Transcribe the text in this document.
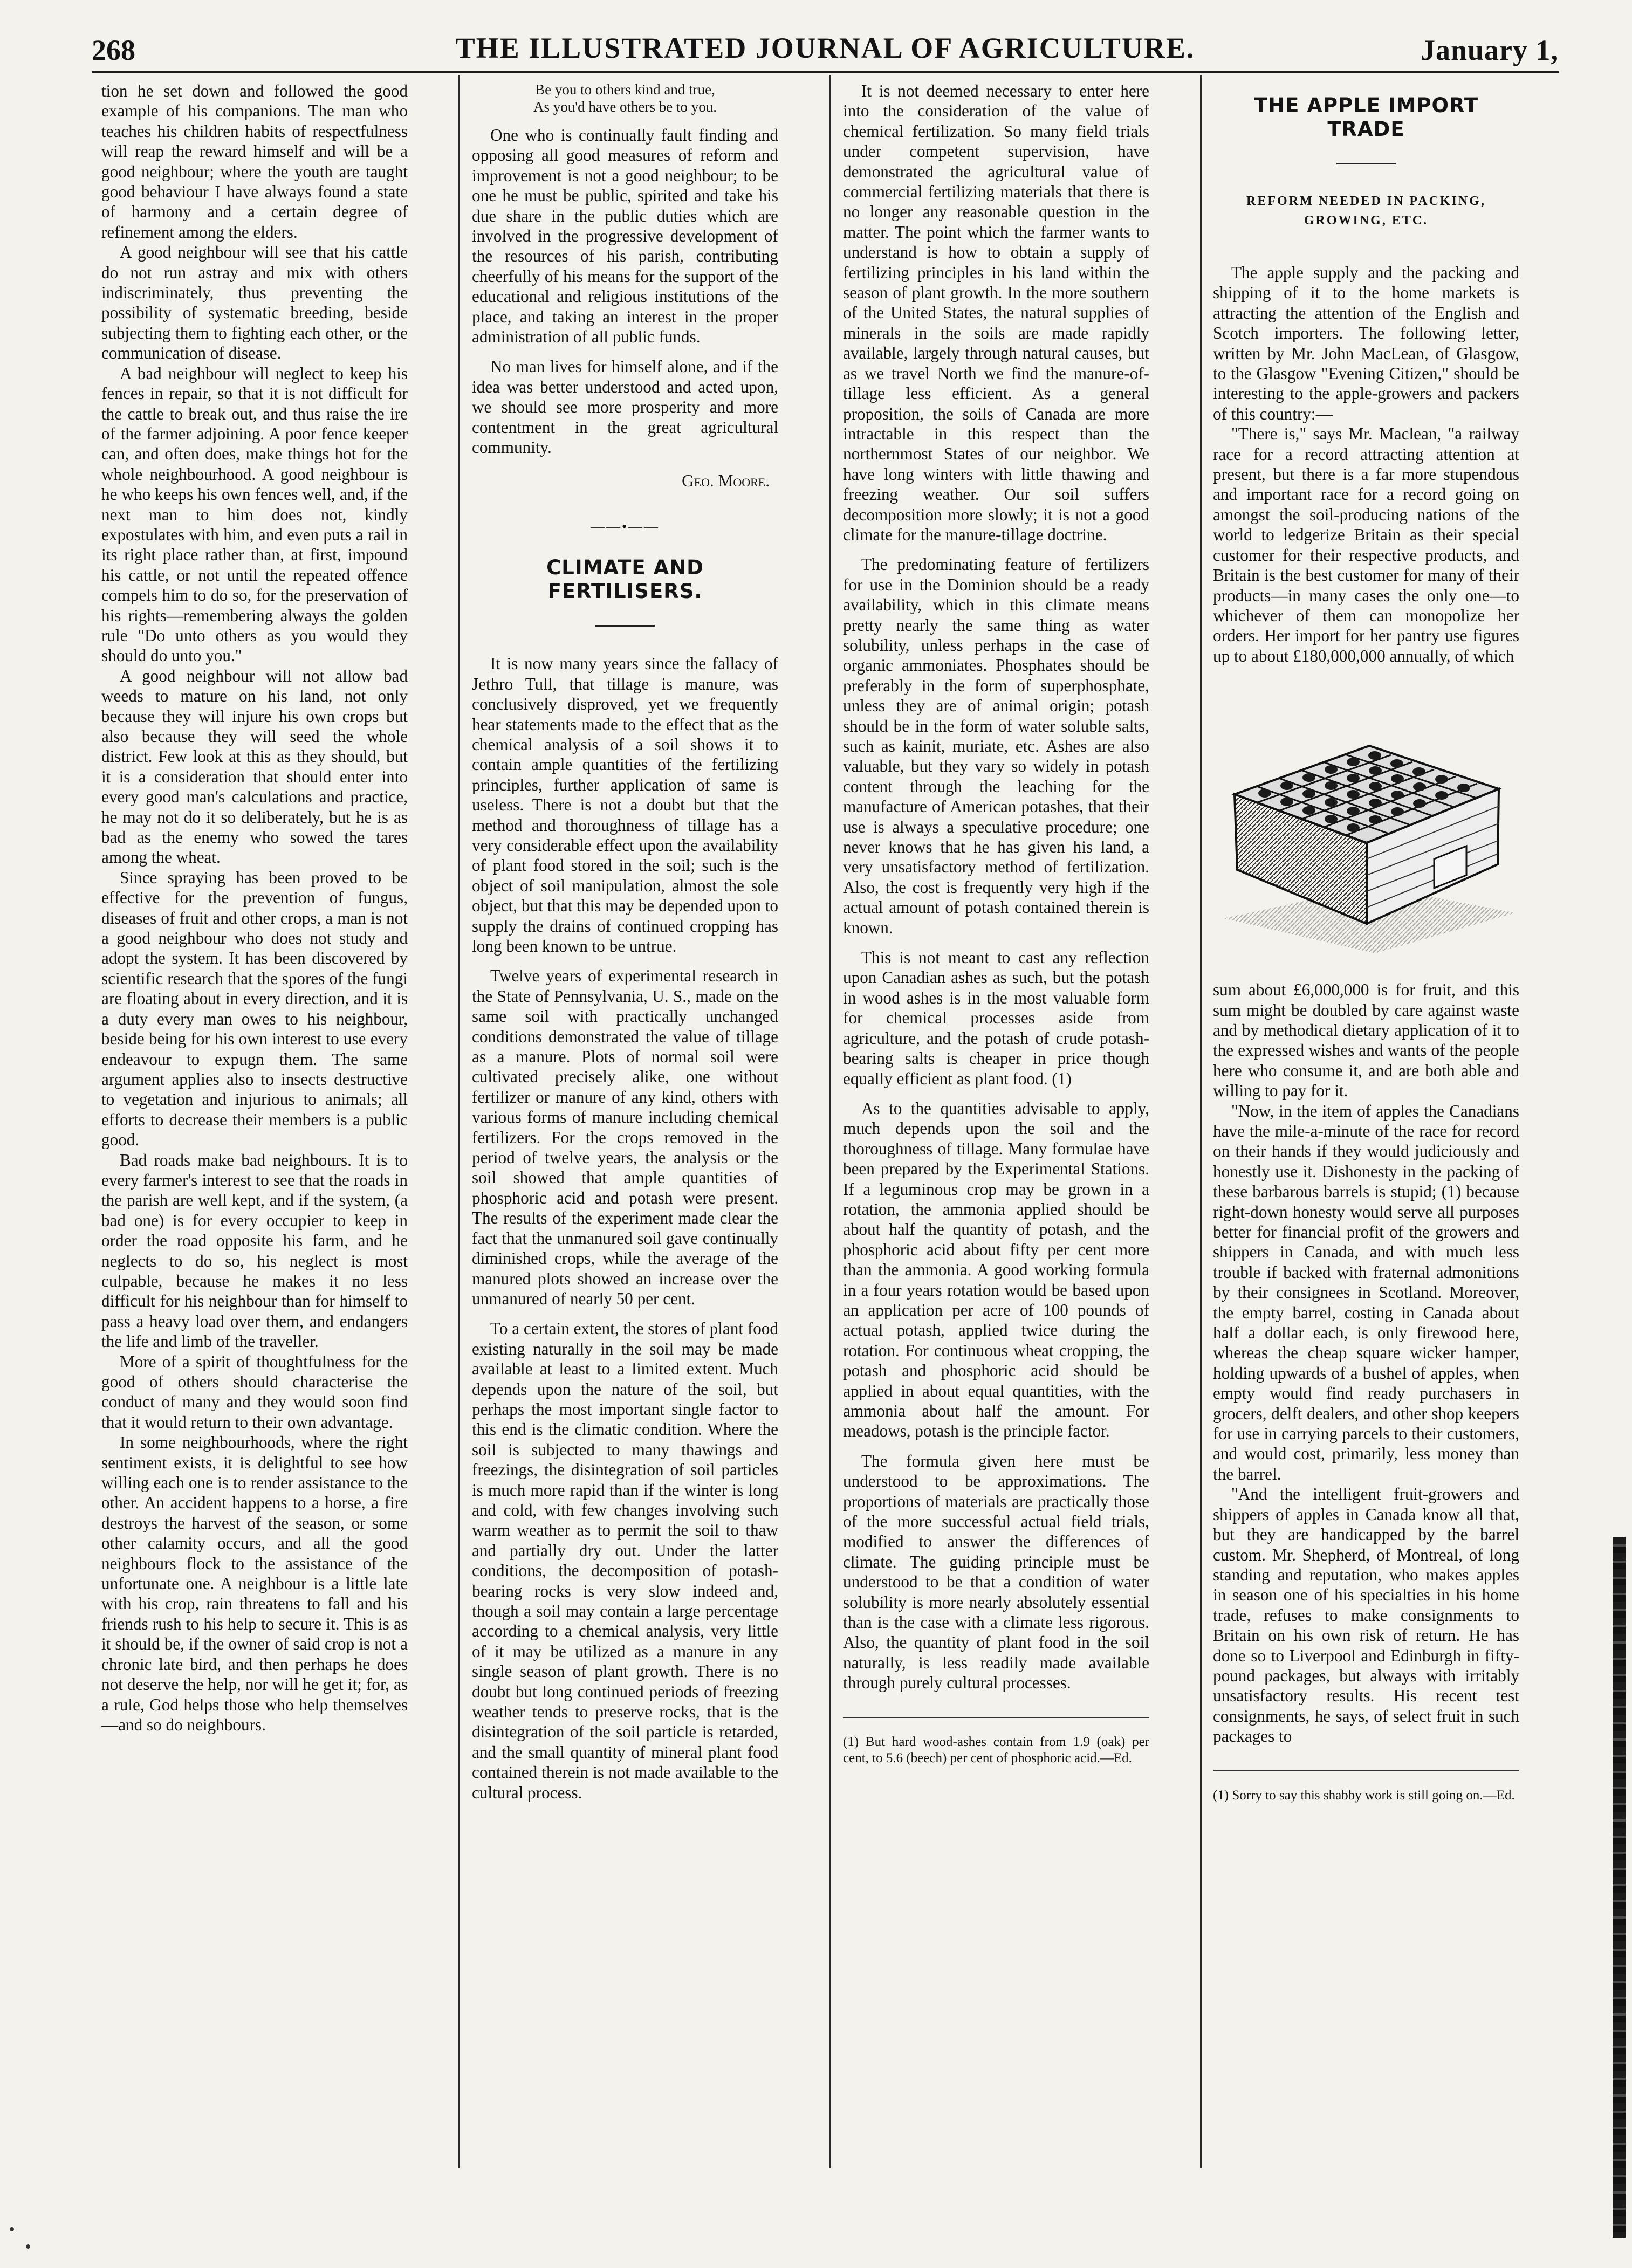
268	THE ILLUSTRATED JOURNAL OF AGRICULTURE.	January 1,

tion he set down and followed the good example of his companions. The man who teaches his children habits of respectfulness will reap the reward himself and will be a good neighbour; where the youth are taught good behaviour I have always found a state of harmony and a certain degree of refinement among the elders.

A good neighbour will see that his cattle do not run astray and mix with others indiscriminately, thus preventing the possibility of systematic breeding, beside subjecting them to fighting each other, or the communication of disease.

A bad neighbour will neglect to keep his fences in repair, so that it is not difficult for the cattle to break out, and thus raise the ire of the farmer adjoining. A poor fence keeper can, and often does, make things hot for the whole neighbourhood. A good neighbour is he who keeps his own fences well, and, if the next man to him does not, kindly expostulates with him, and even puts a rail in its right place rather than, at first, impound his cattle, or not until the repeated offence compels him to do so, for the preservation of his rights—remembering always the golden rule "Do unto others as you would they should do unto you."

A good neighbour will not allow bad weeds to mature on his land, not only because they will injure his own crops but also because they will seed the whole district. Few look at this as they should, but it is a consideration that should enter into every good man's calculations and practice, he may not do it so deliberately, but he is as bad as the enemy who sowed the tares among the wheat.

Since spraying has been proved to be effective for the prevention of fungus, diseases of fruit and other crops, a man is not a good neighbour who does not study and adopt the system. It has been discovered by scientific research that the spores of the fungi are floating about in every direction, and it is a duty every man owes to his neighbour, beside being for his own interest to use every endeavour to expugn them. The same argument applies also to insects destructive to vegetation and injurious to animals; all efforts to decrease their members is a public good.

Bad roads make bad neighbours. It is to every farmer's interest to see that the roads in the parish are well kept, and if the system, (a bad one) is for every occupier to keep in order the road opposite his farm, and he neglects to do so, his neglect is most culpable, because he makes it no less difficult for his neighbour than for himself to pass a heavy load over them, and endangers the life and limb of the traveller.

More of a spirit of thoughtfulness for the good of others should characterise the conduct of many and they would soon find that it would return to their own advantage.

In some neighbourhoods, where the right sentiment exists, it is delightful to see how willing each one is to render assistance to the other. An accident happens to a horse, a fire destroys the harvest of the season, or some other calamity occurs, and all the good neighbours flock to the assistance of the unfortunate one. A neighbour is a little late with his crop, rain threatens to fall and his friends rush to his help to secure it. This is as it should be, if the owner of said crop is not a chronic late bird, and then perhaps he does not deserve the help, nor will he get it; for, as a rule, God helps those who help themselves—and so do neighbours.

Be you to others kind and true,
As you'd have others be to you.

One who is continually fault finding and opposing all good measures of reform and improvement is not a good neighbour; to be one he must be public, spirited and take his due share in the public duties which are involved in the progressive development of the resources of his parish, contributing cheerfully of his means for the support of the educational and religious institutions of the place, and taking an interest in the proper administration of all public funds.

No man lives for himself alone, and if the idea was better understood and acted upon, we should see more prosperity and more contentment in the great agricultural community.

Geo. Moore.
——•——
CLIMATE AND FERTILISERS.

It is now many years since the fallacy of Jethro Tull, that tillage is manure, was conclusively disproved, yet we frequently hear statements made to the effect that as the chemical analysis of a soil shows it to contain ample quantities of the fertilizing principles, further application of same is useless. There is not a doubt but that the method and thoroughness of tillage has a very considerable effect upon the availability of plant food stored in the soil; such is the object of soil manipulation, almost the sole object, but that this may be depended upon to supply the drains of continued cropping has long been known to be untrue.

Twelve years of experimental research in the State of Pennsylvania, U. S., made on the same soil with practically unchanged conditions demonstrated the value of tillage as a manure. Plots of normal soil were cultivated precisely alike, one without fertilizer or manure of any kind, others with various forms of manure including chemical fertilizers. For the crops removed in the period of twelve years, the analysis or the soil showed that ample quantities of phosphoric acid and potash were present. The results of the experiment made clear the fact that the unmanured soil gave continually diminished crops, while the average of the manured plots showed an increase over the unmanured of nearly 50 per cent.

To a certain extent, the stores of plant food existing naturally in the soil may be made available at least to a limited extent. Much depends upon the nature of the soil, but perhaps the most important single factor to this end is the climatic condition. Where the soil is subjected to many thawings and freezings, the disintegration of soil particles is much more rapid than if the winter is long and cold, with few changes involving such warm weather as to permit the soil to thaw and partially dry out. Under the latter conditions, the decomposition of potash-bearing rocks is very slow indeed and, though a soil may contain a large percentage according to a chemical analysis, very little of it may be utilized as a manure in any single season of plant growth. There is no doubt but long continued periods of freezing weather tends to preserve rocks, that is the disintegration of the soil particle is retarded, and the small quantity of mineral plant food contained therein is not made available to the cultural process.

It is not deemed necessary to enter here into the consideration of the value of chemical fertilization. So many field trials under competent supervision, have demonstrated the agricultural value of commercial fertilizing materials that there is no longer any reasonable question in the matter. The point which the farmer wants to understand is how to obtain a supply of fertilizing principles in his land within the season of plant growth. In the more southern of the United States, the natural supplies of minerals in the soils are made rapidly available, largely through natural causes, but as we travel North we find the manure-of-tillage less efficient. As a general proposition, the soils of Canada are more intractable in this respect than the northernmost States of our neighbor. We have long winters with little thawing and freezing weather. Our soil suffers decomposition more slowly; it is not a good climate for the manure-tillage doctrine.

The predominating feature of fertilizers for use in the Dominion should be a ready availability, which in this climate means pretty nearly the same thing as water solubility, unless perhaps in the case of organic ammoniates. Phosphates should be preferably in the form of superphosphate, unless they are of animal origin; potash should be in the form of water soluble salts, such as kainit, muriate, etc. Ashes are also valuable, but they vary so widely in potash content through the leaching for the manufacture of American potashes, that their use is always a speculative procedure; one never knows that he has given his land, a very unsatisfactory method of fertilization. Also, the cost is frequently very high if the actual amount of potash contained therein is known.

This is not meant to cast any reflection upon Canadian ashes as such, but the potash in wood ashes is in the most valuable form for chemical processes aside from agriculture, and the potash of crude potash-bearing salts is cheaper in price though equally efficient as plant food. (1)

As to the quantities advisable to apply, much depends upon the soil and the thoroughness of tillage. Many formulae have been prepared by the Experimental Stations. If a leguminous crop may be grown in a rotation, the ammonia applied should be about half the quantity of potash, and the phosphoric acid about fifty per cent more than the ammonia. A good working formula in a four years rotation would be based upon an application per acre of 100 pounds of actual potash, applied twice during the rotation. For continuous wheat cropping, the potash and phosphoric acid should be applied in about equal quantities, with the ammonia about half the amount. For meadows, potash is the principle factor.

The formula given here must be understood to be approximations. The proportions of materials are practically those of the more successful actual field trials, modified to answer the differences of climate. The guiding principle must be understood to be that a condition of water solubility is more nearly absolutely essential than is the case with a climate less rigorous. Also, the quantity of plant food in the soil naturally, is less readily made available through purely cultural processes.

(1) But hard wood-ashes contain from 1.9 (oak) per cent, to 5.6 (beech) per cent of phosphoric acid.—Ed.
THE APPLE IMPORT TRADE
REFORM NEEDED IN PACKING, GROWING, ETC.

The apple supply and the packing and shipping of it to the home markets is attracting the attention of the English and Scotch importers. The following letter, written by Mr. John MacLean, of Glasgow, to the Glasgow "Evening Citizen," should be interesting to the apple-growers and packers of this country:—

"There is," says Mr. Maclean, "a railway race for a record attracting attention at present, but there is a far more stupendous and important race for a record going on amongst the soil-producing nations of the world to ledgerize Britain as their special customer for their respective products, and Britain is the best customer for many of their products—in many cases the only one—to whichever of them can monopolize her orders. Her import for her pantry use figures up to about £180,000,000 annually, of which

sum about £6,000,000 is for fruit, and this sum might be doubled by care against waste and by methodical dietary application of it to the expressed wishes and wants of the people here who consume it, and are both able and willing to pay for it.

"Now, in the item of apples the Canadians have the mile-a-minute of the race for record on their hands if they would judiciously and honestly use it. Dishonesty in the packing of these barbarous barrels is stupid; (1) because right-down honesty would serve all purposes better for financial profit of the growers and shippers in Canada, and with much less trouble if backed with fraternal admonitions by their consignees in Scotland. Moreover, the empty barrel, costing in Canada about half a dollar each, is only firewood here, whereas the cheap square wicker hamper, holding upwards of a bushel of apples, when empty would find ready purchasers in grocers, delft dealers, and other shop keepers for use in carrying parcels to their customers, and would cost, primarily, less money than the barrel.

"And the intelligent fruit-growers and shippers of apples in Canada know all that, but they are handicapped by the barrel custom. Mr. Shepherd, of Montreal, of long standing and reputation, who makes apples in season one of his specialties in his home trade, refuses to make consignments to Britain on his own risk of return. He has done so to Liverpool and Edinburgh in fifty-pound packages, but always with irritably unsatisfactory results. His recent test consignments, he says, of select fruit in such packages to

(1) Sorry to say this shabby work is still going on.—Ed.
